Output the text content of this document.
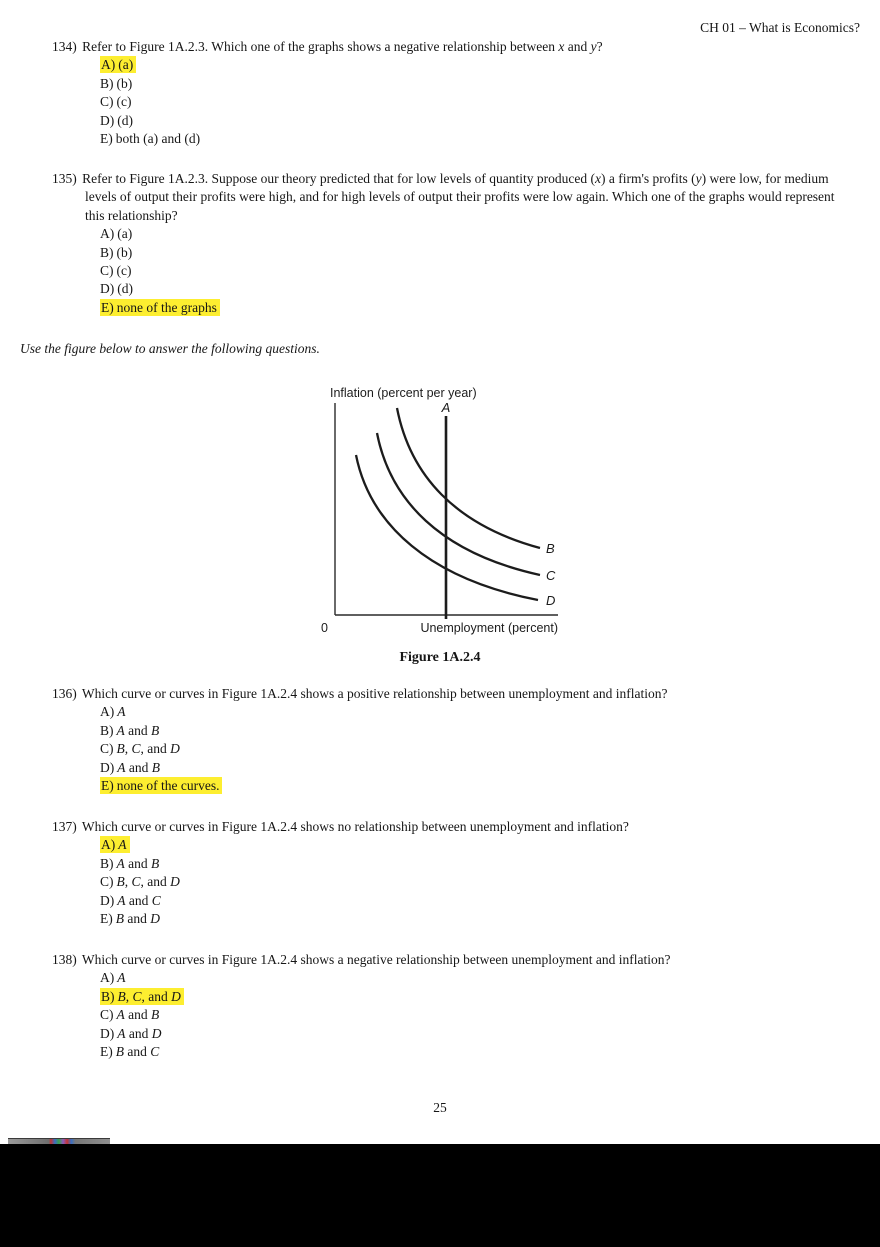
CH 01 – What is Economics?

134) Refer to Figure 1A.2.3. Which one of the graphs shows a negative relationship between x and y?

A) (a)
B) (b)
C) (c)
D) (d)
E) both (a) and (d)

135) Refer to Figure 1A.2.3. Suppose our theory predicted that for low levels of quantity produced (x) a firm's profits (y) were low, for medium levels of output their profits were high, and for high levels of output their profits were low again. Which one of the graphs would represent this relationship?

A) (a)
B) (b)
C) (c)
D) (d)
E) none of the graphs
Use the figure below to answer the following questions.
Inflation (percent per year)
A
B
C
D
0	Unemployment (percent)
Figure 1A.2.4

136) Which curve or curves in Figure 1A.2.4 shows a positive relationship between unemployment and inflation?

A) A
B) A and B
C) B, C, and D
D) A and B
E) none of the curves.

137) Which curve or curves in Figure 1A.2.4 shows no relationship between unemployment and inflation?

A) A
B) A and B
C) B, C, and D
D) A and C
E) B and D

138) Which curve or curves in Figure 1A.2.4 shows a negative relationship between unemployment and inflation?

A) A
B) B, C, and D
C) A and B
D) A and D
E) B and C
25
